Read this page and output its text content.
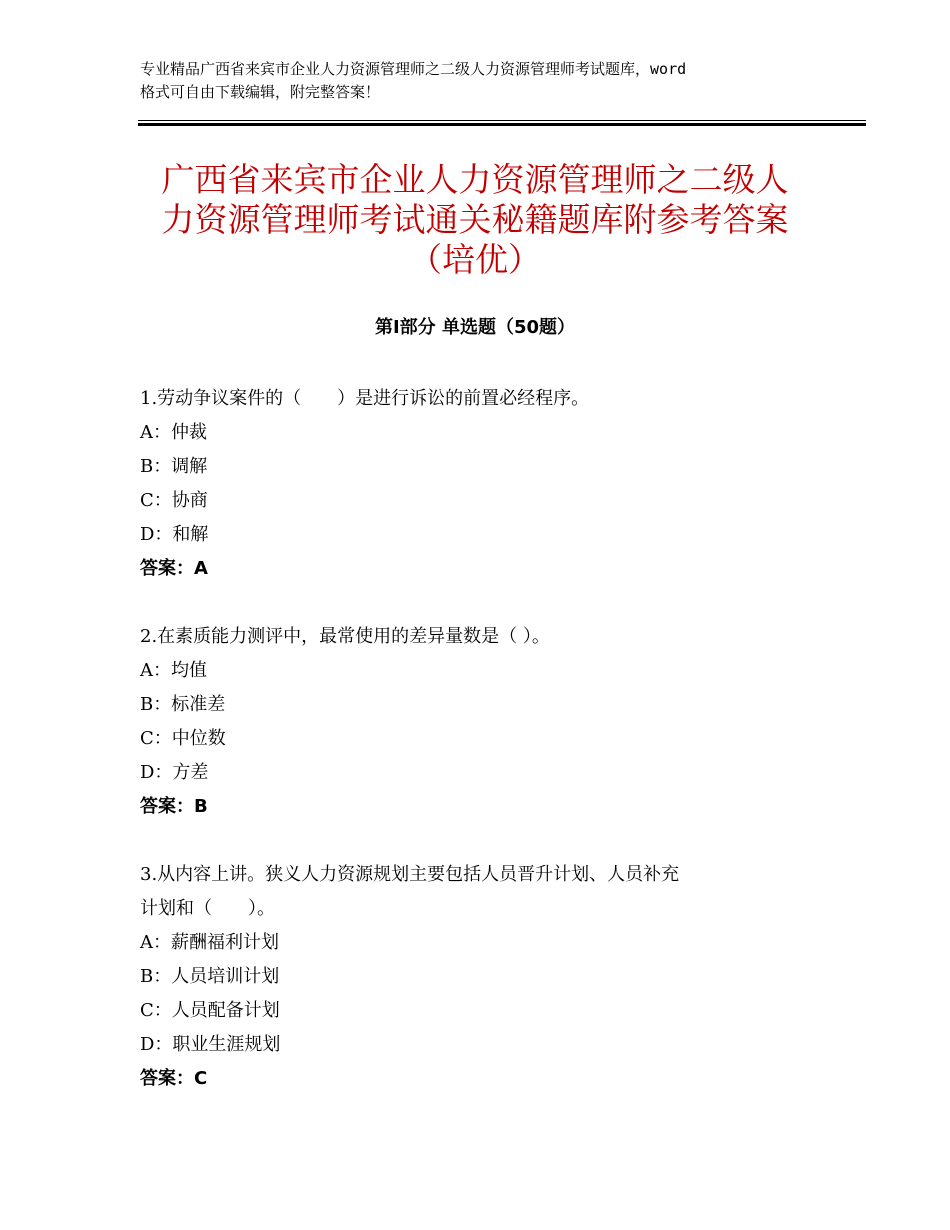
专业精品广西省来宾市企业人力资源管理师之二级人力资源管理师考试题库，word

格式可自由下载编辑，附完整答案！

广西省来宾市企业人力资源管理师之二级人
力资源管理师考试通关秘籍题库附参考答案
（培优）
第Ⅰ部分 单选题（50题）

1.劳动争议案件的（　　）是进行诉讼的前置必经程序。

A：仲裁

B：调解

C：协商

D：和解

答案：A

2.在素质能力测评中，最常使用的差异量数是（ ）。

A：均值

B：标准差

C：中位数

D：方差

答案：B

3.从内容上讲。狭义人力资源规划主要包括人员晋升计划、人员补充

计划和（　　）。

A：薪酬福利计划

B：人员培训计划

C：人员配备计划

D：职业生涯规划

答案：C
